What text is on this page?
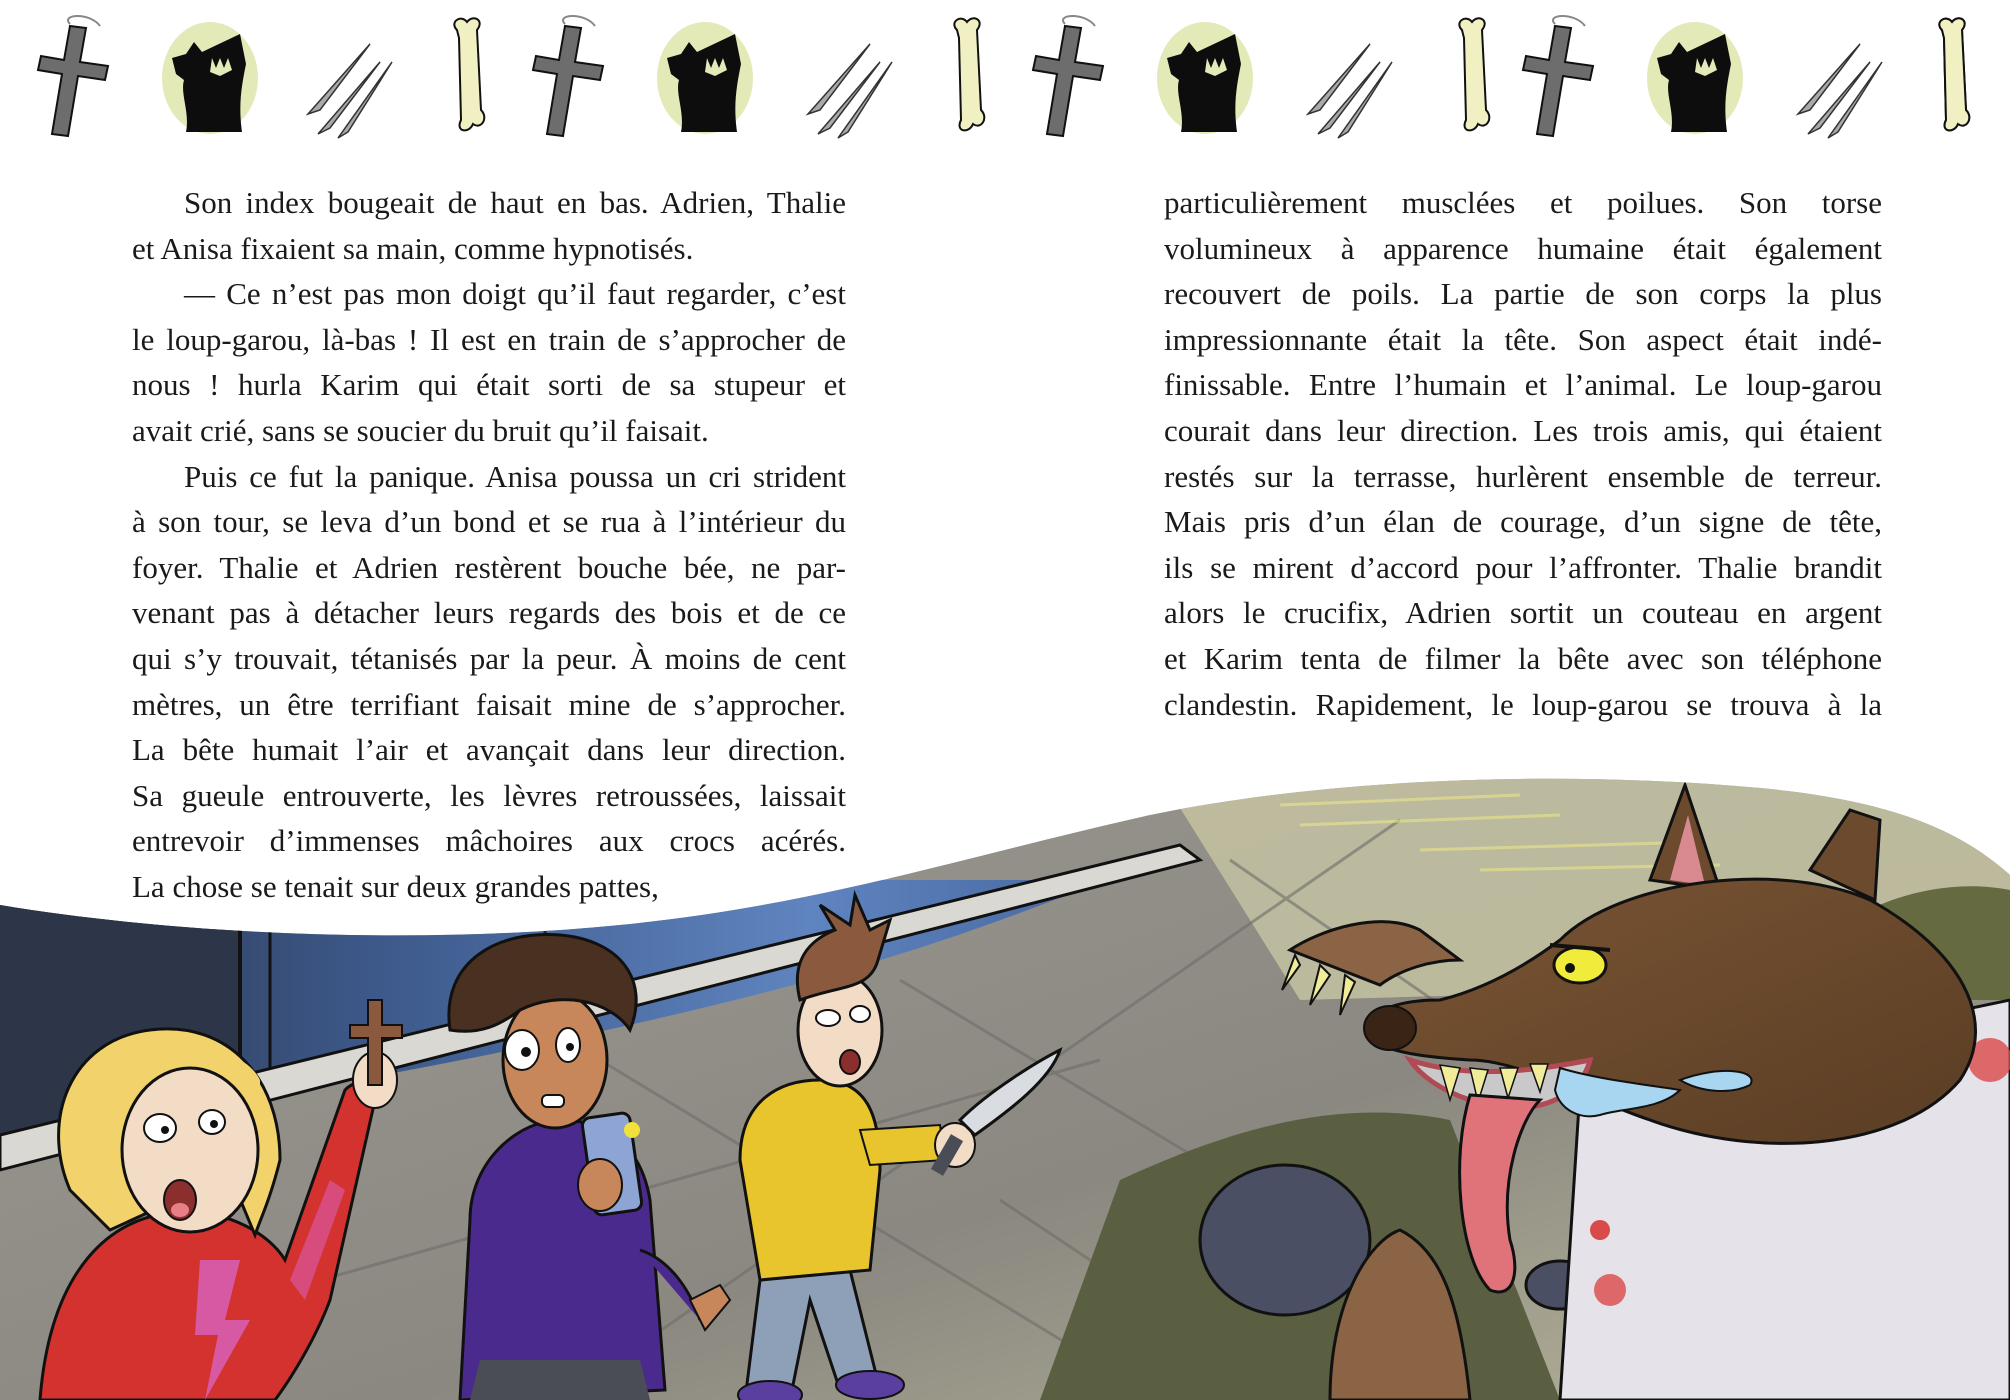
Son index bougeait de haut en bas. Adrien, Thalie
et Anisa fixaient sa main, comme hypnotisés.
— Ce n’est pas mon doigt qu’il faut regarder, c’est
le loup-garou, là-bas ! Il est en train de s’approcher de
nous ! hurla Karim qui était sorti de sa stupeur et
avait crié, sans se soucier du bruit qu’il faisait.
Puis ce fut la panique. Anisa poussa un cri strident
à son tour, se leva d’un bond et se rua à l’intérieur du
foyer. Thalie et Adrien restèrent bouche bée, ne par-
venant pas à détacher leurs regards des bois et de ce
qui s’y trouvait, tétanisés par la peur. À moins de cent
mètres, un être terrifiant faisait mine de s’approcher.
La bête humait l’air et avançait dans leur direction.
Sa gueule entrouverte, les lèvres retroussées, laissait
entrevoir d’immenses mâchoires aux crocs acérés.
La chose se tenait sur deux grandes pattes,
particulièrement musclées et poilues. Son torse
volumineux à apparence humaine était également
recouvert de poils. La partie de son corps la plus
impressionnante était la tête. Son aspect était indé-
finissable. Entre l’humain et l’animal. Le loup-garou
courait dans leur direction. Les trois amis, qui étaient
restés sur la terrasse, hurlèrent ensemble de terreur.
Mais pris d’un élan de courage, d’un signe de tête,
ils se mirent d’accord pour l’affronter. Thalie brandit
alors le crucifix, Adrien sortit un couteau en argent
et Karim tenta de filmer la bête avec son téléphone
clandestin. Rapidement, le loup-garou se trouva à la
